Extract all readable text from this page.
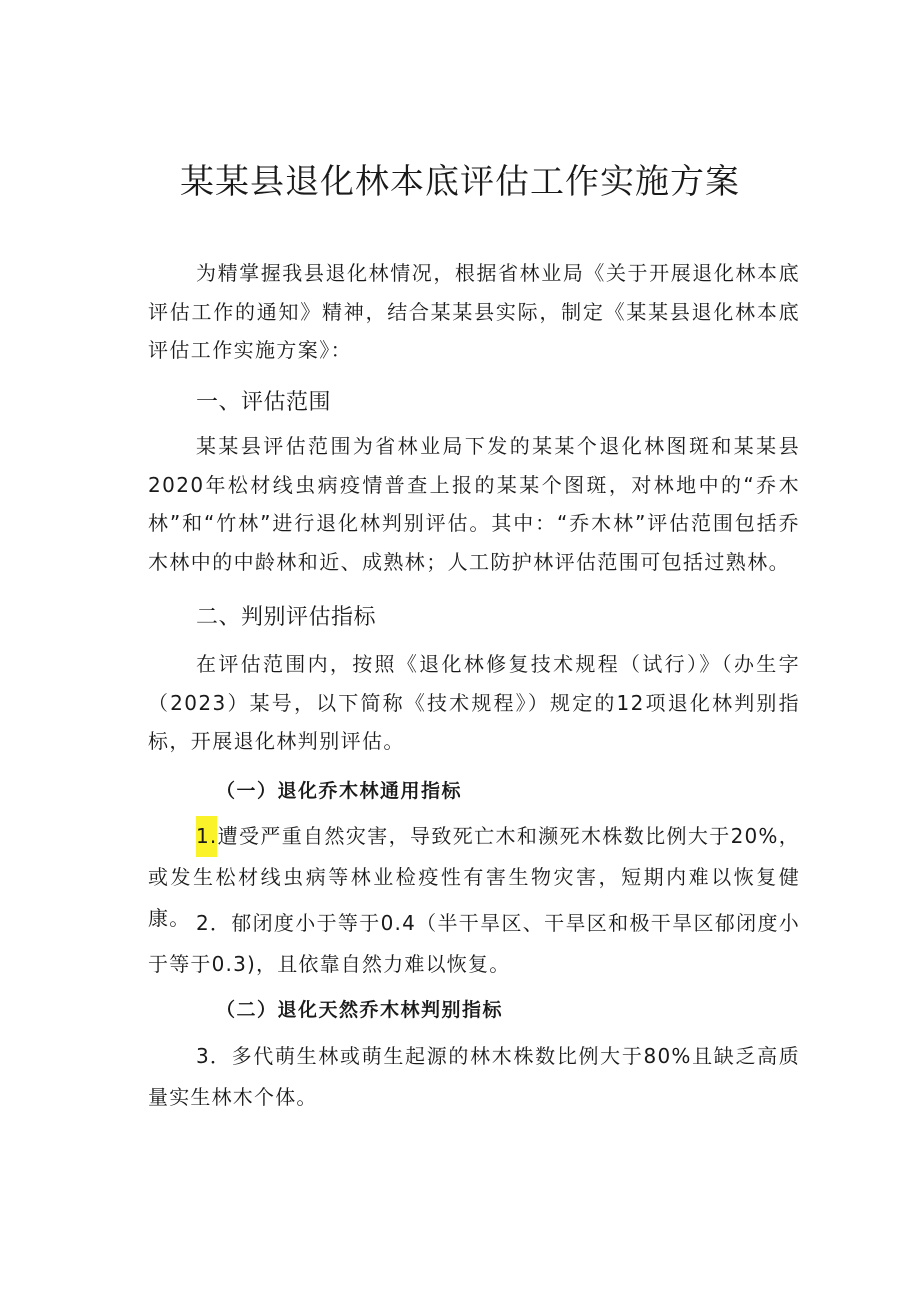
某某县退化林本底评估工作实施方案

为精掌握我县退化林情况，根据省林业局《关于开展退化林本底评估工作的通知》精神，结合某某县实际，制定《某某县退化林本底评估工作实施方案》：

一、评估范围

某某县评估范围为省林业局下发的某某个退化林图斑和某某县2020年松材线虫病疫情普查上报的某某个图斑，对林地中的“乔木林”和“竹林”进行退化林判别评估。其中：“乔木林”评估范围包括乔木林中的中龄林和近、成熟林；人工防护林评估范围可包括过熟林。

二、判别评估指标

在评估范围内，按照《退化林修复技术规程（试行）》（办生字（2023）某号，以下简称《技术规程》）规定的12项退化林判别指标，开展退化林判别评估。

（一）退化乔木林通用指标

1.遭受严重自然灾害，导致死亡木和濒死木株数比例大于20%，或发生松材线虫病等林业检疫性有害生物灾害，短期内难以恢复健康。 2．郁闭度小于等于0.4（半干旱区、干旱区和极干旱区郁闭度小于等于0.3)，且依靠自然力难以恢复。

（二）退化天然乔木林判别指标

3．多代萌生林或萌生起源的林木株数比例大于80%且缺乏高质量实生林木个体。
